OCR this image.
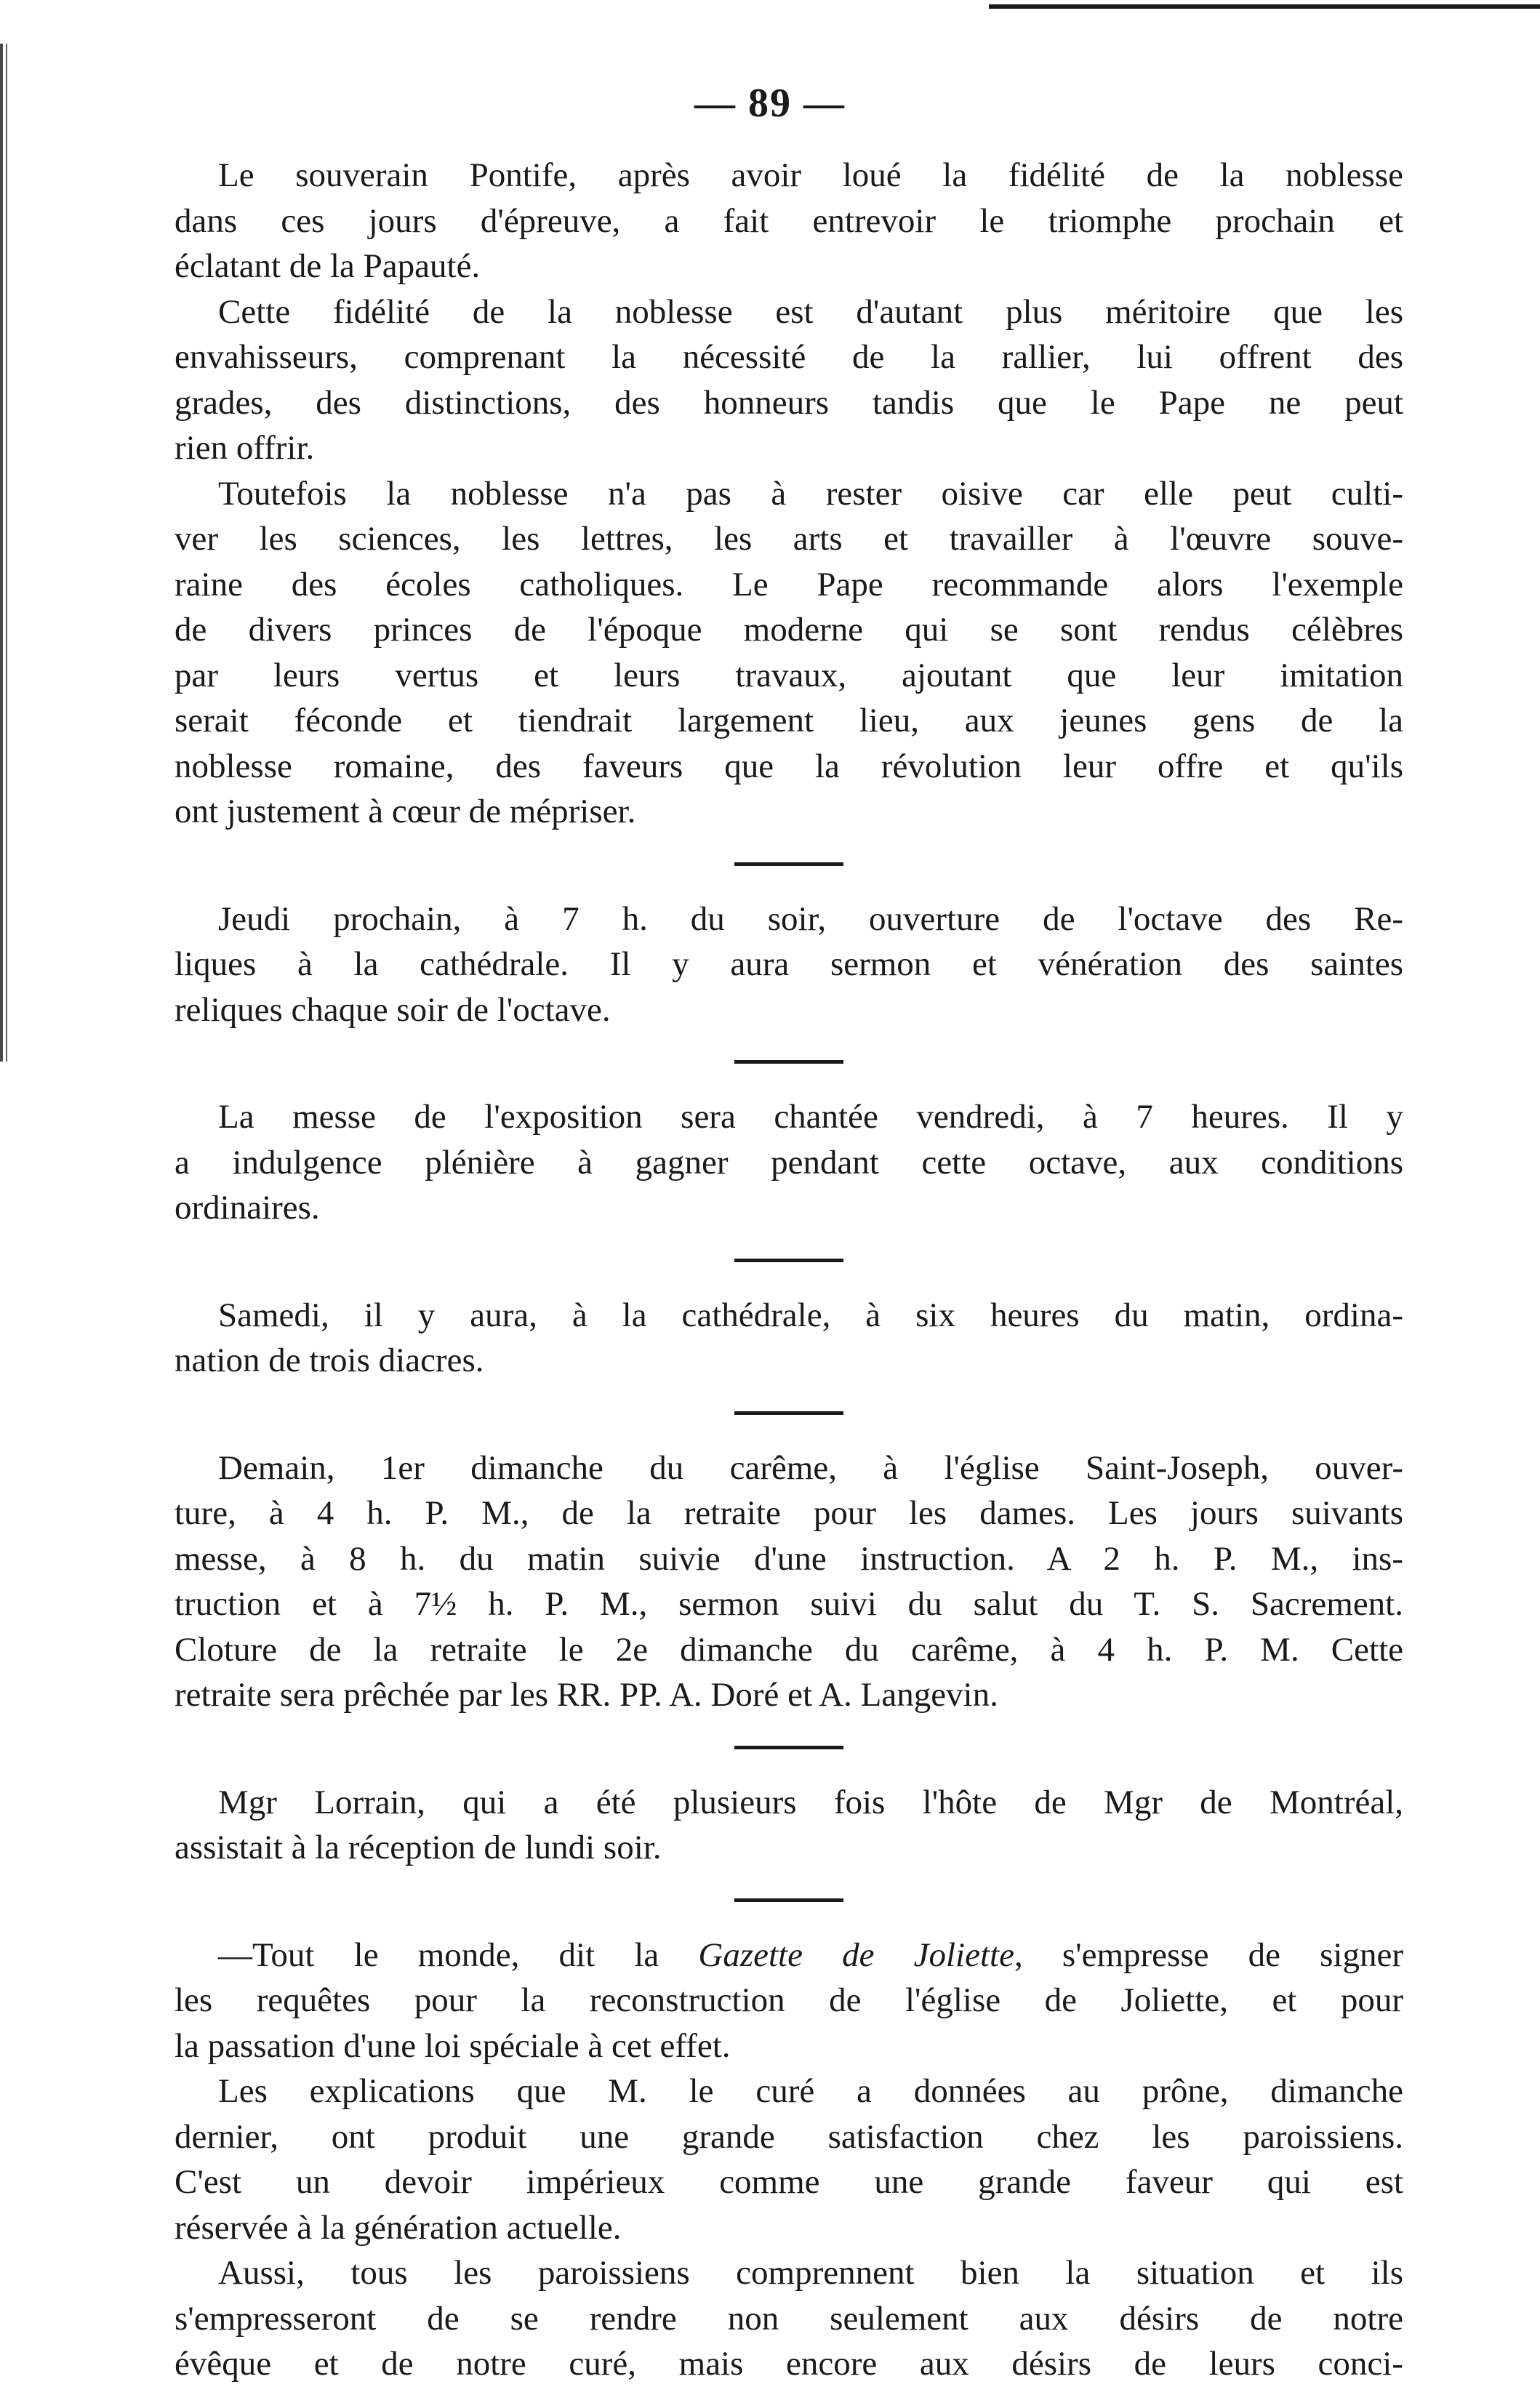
— 89 —

Le souverain Pontife, après avoir loué la fidélité de la noblesse
dans ces jours d'épreuve, a fait entrevoir le triomphe prochain et
éclatant de la Papauté.

Cette fidélité de la noblesse est d'autant plus méritoire que les
envahisseurs, comprenant la nécessité de la rallier, lui offrent des
grades, des distinctions, des honneurs tandis que le Pape ne peut
rien offrir.

Toutefois la noblesse n'a pas à rester oisive car elle peut culti-
ver les sciences, les lettres, les arts et travailler à l'œuvre souve-
raine des écoles catholiques. Le Pape recommande alors l'exemple
de divers princes de l'époque moderne qui se sont rendus célèbres
par leurs vertus et leurs travaux, ajoutant que leur imitation
serait féconde et tiendrait largement lieu, aux jeunes gens de la
noblesse romaine, des faveurs que la révolution leur offre et qu'ils
ont justement à cœur de mépriser.

Jeudi prochain, à 7 h. du soir, ouverture de l'octave des Re-
liques à la cathédrale. Il y aura sermon et vénération des saintes
reliques chaque soir de l'octave.

La messe de l'exposition sera chantée vendredi, à 7 heures. Il y
a indulgence plénière à gagner pendant cette octave, aux conditions
ordinaires.

Samedi, il y aura, à la cathédrale, à six heures du matin, ordina-
nation de trois diacres.

Demain, 1er dimanche du carême, à l'église Saint-Joseph, ouver-
ture, à 4 h. P. M., de la retraite pour les dames. Les jours suivants
messe, à 8 h. du matin suivie d'une instruction. A 2 h. P. M., ins-
truction et à 7½ h. P. M., sermon suivi du salut du T. S. Sacrement.
Cloture de la retraite le 2e dimanche du carême, à 4 h. P. M. Cette
retraite sera prêchée par les RR. PP. A. Doré et A. Langevin.

Mgr Lorrain, qui a été plusieurs fois l'hôte de Mgr de Montréal,
assistait à la réception de lundi soir.

—Tout le monde, dit la Gazette de Joliette, s'empresse de signer
les requêtes pour la reconstruction de l'église de Joliette, et pour
la passation d'une loi spéciale à cet effet.

Les explications que M. le curé a données au prône, dimanche
dernier, ont produit une grande satisfaction chez les paroissiens.
C'est un devoir impérieux comme une grande faveur qui est
réservée à la génération actuelle.

Aussi, tous les paroissiens comprennent bien la situation et ils
s'empresseront de se rendre non seulement aux désirs de notre
évêque et de notre curé, mais encore aux désirs de leurs conci-
